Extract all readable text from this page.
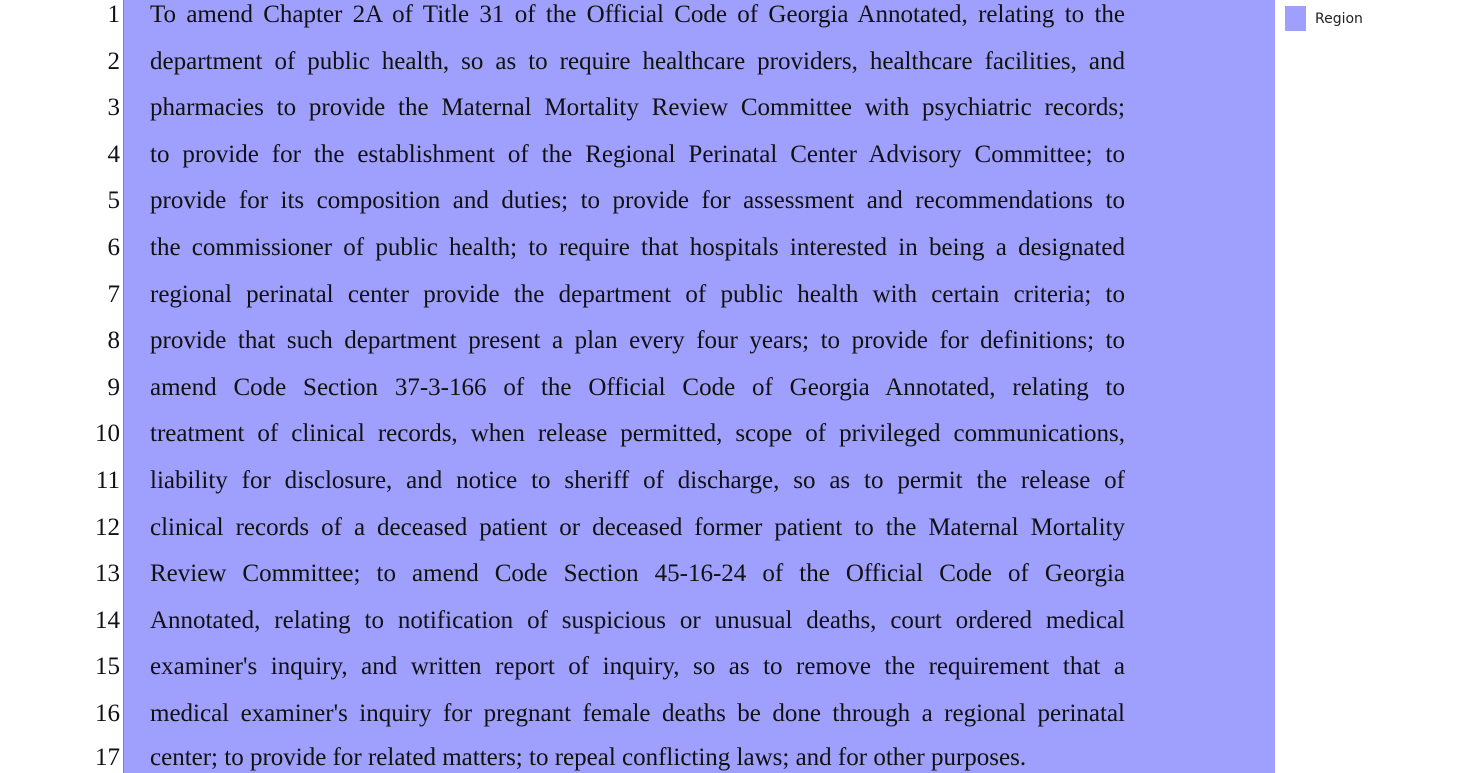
1 To amend Chapter 2A of Title 31 of the Official Code of Georgia Annotated, relating to the
2 department of public health, so as to require healthcare providers, healthcare facilities, and
3 pharmacies to provide the Maternal Mortality Review Committee with psychiatric records;
4 to provide for the establishment of the Regional Perinatal Center Advisory Committee; to
5 provide for its composition and duties; to provide for assessment and recommendations to
6 the commissioner of public health; to require that hospitals interested in being a designated
7 regional perinatal center provide the department of public health with certain criteria; to
8 provide that such department present a plan every four years; to provide for definitions; to
9 amend Code Section 37-3-166 of the Official Code of Georgia Annotated, relating to
10 treatment of clinical records, when release permitted, scope of privileged communications,
11 liability for disclosure, and notice to sheriff of discharge, so as to permit the release of
12 clinical records of a deceased patient or deceased former patient to the Maternal Mortality
13 Review Committee; to amend Code Section 45-16-24 of the Official Code of Georgia
14 Annotated, relating to notification of suspicious or unusual deaths, court ordered medical
15 examiner's inquiry, and written report of inquiry, so as to remove the requirement that a
16 medical examiner's inquiry for pregnant female deaths be done through a regional perinatal
17 center; to provide for related matters; to repeal conflicting laws; and for other purposes.
Region
